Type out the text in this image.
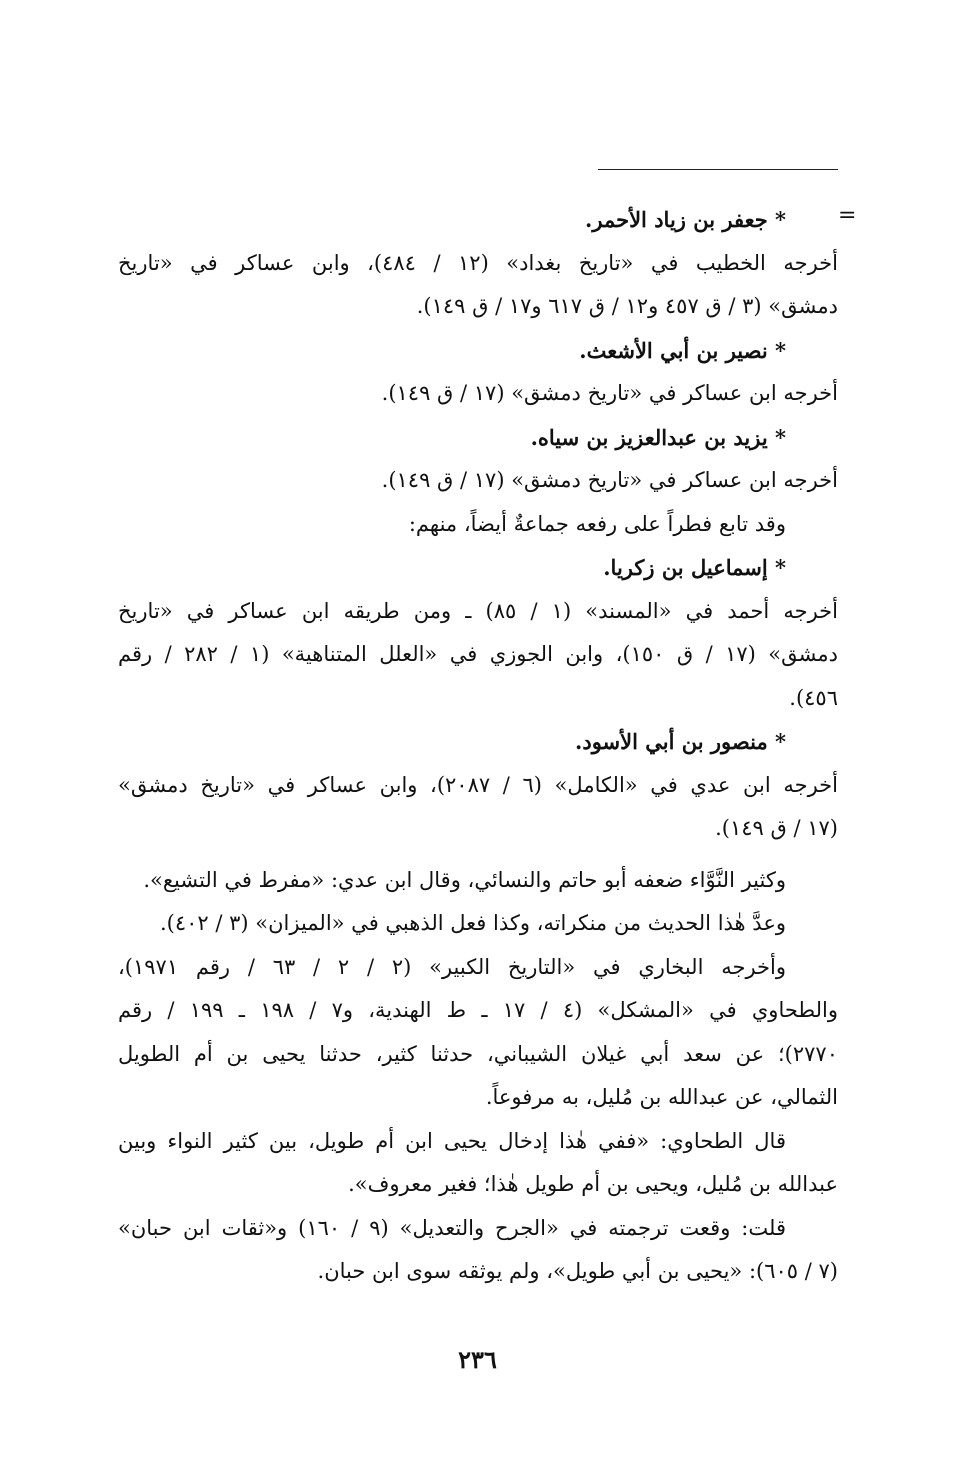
=
* جعفر بن زياد الأحمر.
أخرجه الخطيب في «تاريخ بغداد» (١٢ / ٤٨٤)، وابن عساكر في «تاريخ
دمشق» (٣ / ق ٤٥٧ و١٢ / ق ٦١٧ و١٧ / ق ١٤٩).
* نصير بن أبي الأشعث.
أخرجه ابن عساكر في «تاريخ دمشق» (١٧ / ق ١٤٩).
* يزيد بن عبدالعزيز بن سياه.
أخرجه ابن عساكر في «تاريخ دمشق» (١٧ / ق ١٤٩).
وقد تابع فطراً على رفعه جماعةٌ أيضاً، منهم:
* إسماعيل بن زكريا.
أخرجه أحمد في «المسند» (١ / ٨٥) ـ ومن طريقه ابن عساكر في «تاريخ
دمشق» (١٧ / ق ١٥٠)، وابن الجوزي في «العلل المتناهية» (١ / ٢٨٢ / رقم
٤٥٦).
* منصور بن أبي الأسود.
أخرجه ابن عدي في «الكامل» (٦ / ٢٠٨٧)، وابن عساكر في «تاريخ دمشق»
(١٧ / ق ١٤٩).
وكثير النَّوَّاء ضعفه أبو حاتم والنسائي، وقال ابن عدي: «مفرط في التشيع».
وعدَّ هٰذا الحديث من منكراته، وكذا فعل الذهبي في «الميزان» (٣ / ٤٠٢).
وأخرجه البخاري في «التاريخ الكبير» (٢ / ٢ / ٦٣ / رقم ١٩٧١)،
والطحاوي في «المشكل» (٤ / ١٧ ـ ط الهندية، و٧ / ١٩٨ ـ ١٩٩ / رقم
٢٧٧٠)؛ عن سعد أبي غيلان الشيباني، حدثنا كثير، حدثنا يحيى بن أم الطويل
الثمالي، عن عبدالله بن مُليل، به مرفوعاً.
قال الطحاوي: «ففي هٰذا إدخال يحيى ابن أم طويل، بين كثير النواء وبين
عبدالله بن مُليل، ويحيى بن أم طويل هٰذا؛ فغير معروف».
قلت: وقعت ترجمته في «الجرح والتعديل» (٩ / ١٦٠) و«ثقات ابن حبان»
(٧ / ٦٠٥): «يحيى بن أبي طويل»، ولم يوثقه سوى ابن حبان.
٢٣٦
